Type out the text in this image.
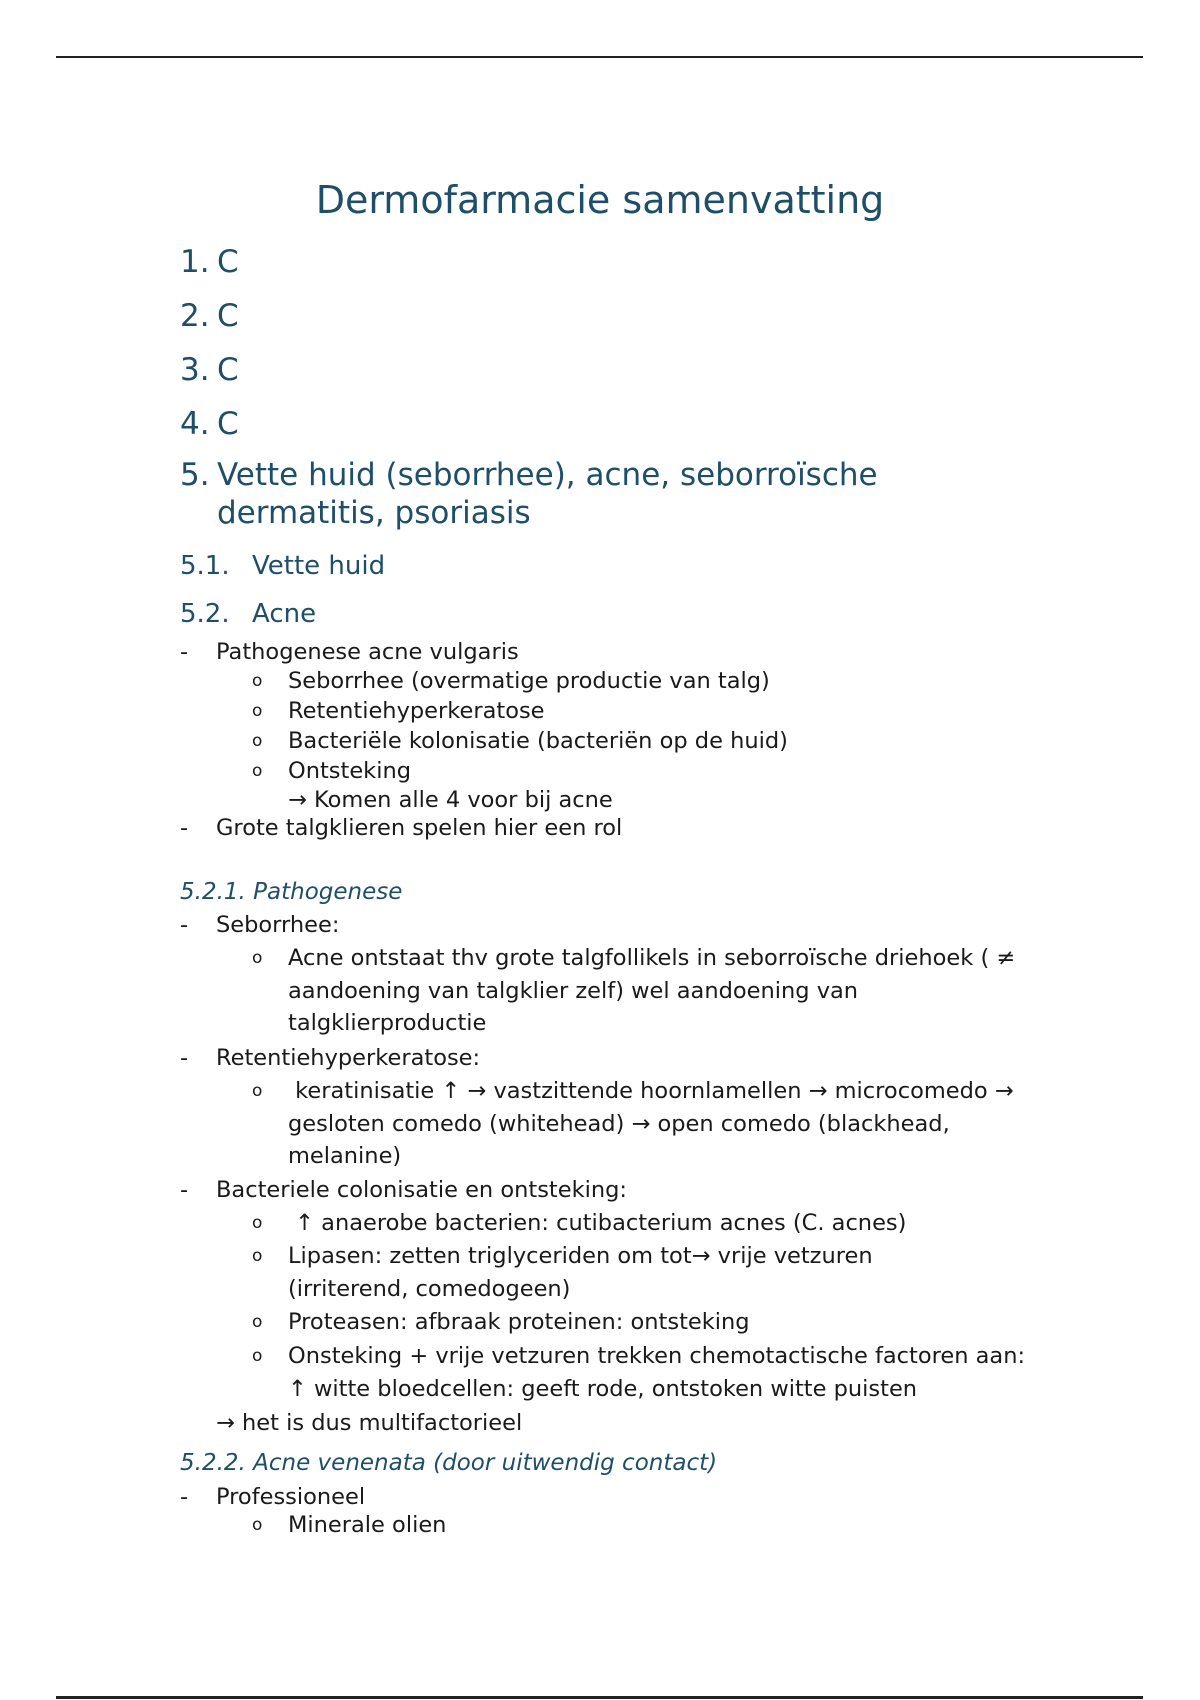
Dermofarmacie samenvatting
1. C
2. C
3. C
4. C
5. Vette huid (seborrhee), acne, seborroïsche dermatitis, psoriasis
5.1. Vette huid
5.2. Acne
- Pathogenese acne vulgaris
o Seborrhee (overmatige productie van talg)
o Retentiehyperkeratose
o Bacteriële kolonisatie (bacteriën op de huid)
o Ontsteking
→ Komen alle 4 voor bij acne
- Grote talgklieren spelen hier een rol
5.2.1. Pathogenese
- Seborrhee:
o Acne ontstaat thv grote talgfollikels in seborroïsche driehoek ( ≠ aandoening van talgklier zelf) wel aandoening van talgklierproductie
- Retentiehyperkeratose:
o keratinisatie ↑ → vastzittende hoornlamellen → microcomedo → gesloten comedo (whitehead) → open comedo (blackhead, melanine)
- Bacteriele colonisatie en ontsteking:
o ↑ anaerobe bacterien: cutibacterium acnes (C. acnes)
o Lipasen: zetten triglyceriden om tot→ vrije vetzuren (irriterend, comedogeen)
o Proteasen: afbraak proteinen: ontsteking
o Onsteking + vrije vetzuren trekken chemotactische factoren aan: ↑ witte bloedcellen: geeft rode, ontstoken witte puisten
→ het is dus multifactorieel
5.2.2. Acne venenata (door uitwendig contact)
- Professioneel
o Minerale olien
